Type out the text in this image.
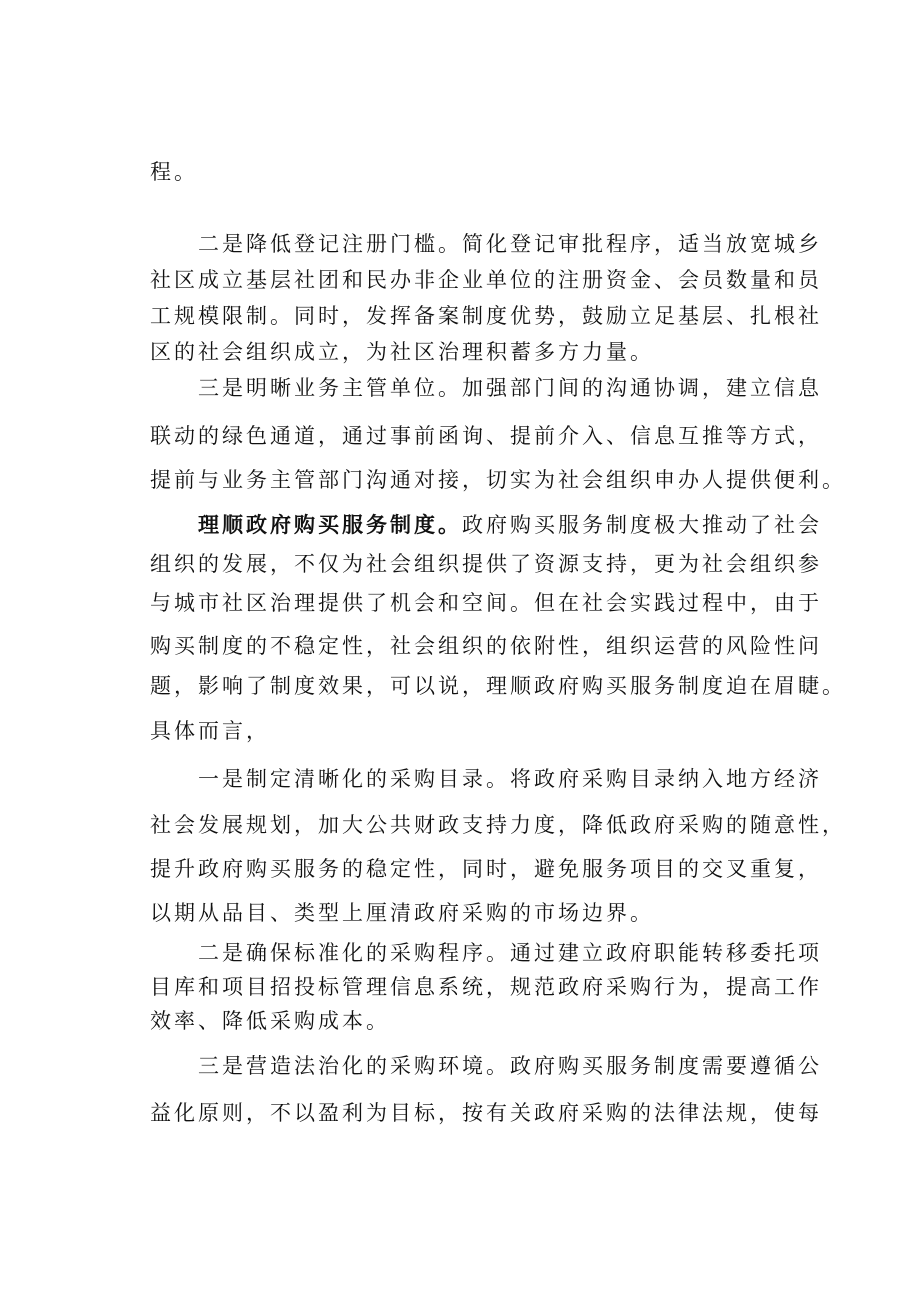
程。
二是降低登记注册门槛。简化登记审批程序，适当放宽城乡
社区成立基层社团和民办非企业单位的注册资金、会员数量和员
工规模限制。同时，发挥备案制度优势，鼓励立足基层、扎根社
区的社会组织成立，为社区治理积蓄多方力量。
三是明晰业务主管单位。加强部门间的沟通协调，建立信息
联动的绿色通道，通过事前函询、提前介入、信息互推等方式，
提前与业务主管部门沟通对接，切实为社会组织申办人提供便利。
理顺政府购买服务制度。政府购买服务制度极大推动了社会
组织的发展，不仅为社会组织提供了资源支持，更为社会组织参
与城市社区治理提供了机会和空间。但在社会实践过程中，由于
购买制度的不稳定性，社会组织的依附性，组织运营的风险性问
题，影响了制度效果，可以说，理顺政府购买服务制度迫在眉睫。
具体而言，
一是制定清晰化的采购目录。将政府采购目录纳入地方经济
社会发展规划，加大公共财政支持力度，降低政府采购的随意性，
提升政府购买服务的稳定性，同时，避免服务项目的交叉重复，
以期从品目、类型上厘清政府采购的市场边界。
二是确保标准化的采购程序。通过建立政府职能转移委托项
目库和项目招投标管理信息系统，规范政府采购行为，提高工作
效率、降低采购成本。
三是营造法治化的采购环境。政府购买服务制度需要遵循公
益化原则，不以盈利为目标，按有关政府采购的法律法规，使每
